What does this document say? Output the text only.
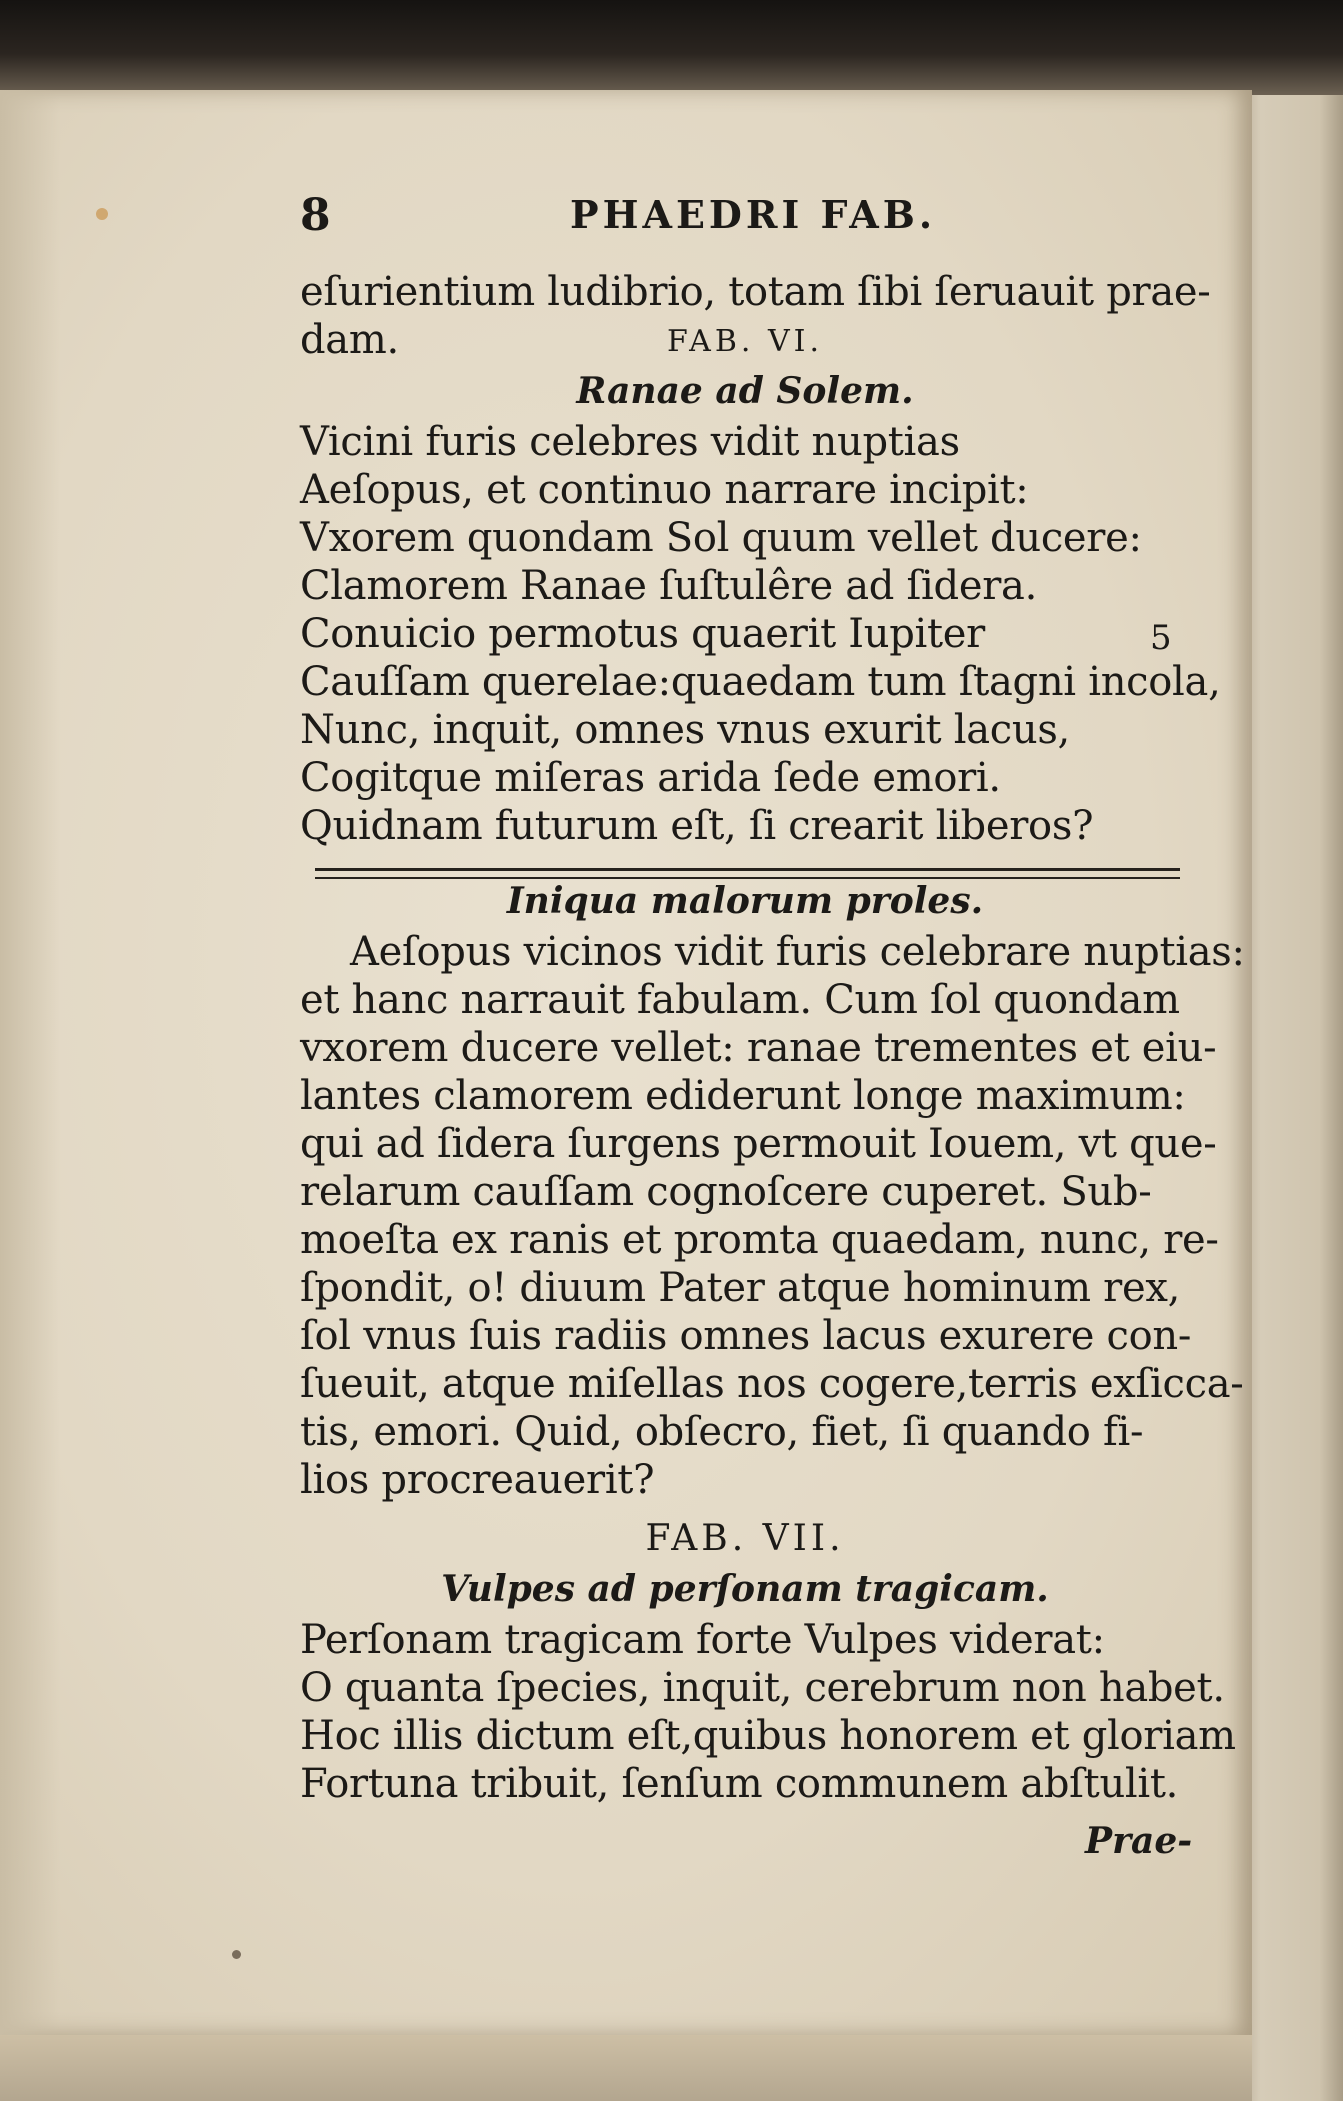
8	PHAEDRI FAB.
eſurientium ludibrio, totam ſibi ſeruauit prae-
dam.	FAB. VI.
Ranae ad Solem.
Vicini furis celebres vidit nuptias
Aeſopus, et continuo narrare incipit:
Vxorem quondam Sol quum vellet ducere:
Clamorem Ranae ſuſtulêre ad ſidera.
Conuicio permotus quaerit Iupiter	5
Cauſſam querelae:quaedam tum ſtagni incola,
Nunc, inquit, omnes vnus exurit lacus,
Cogitque miſeras arida ſede emori.
Quidnam futurum eſt, ſi crearit liberos?
Iniqua malorum proles.
Aeſopus vicinos vidit furis celebrare nuptias:
et hanc narrauit fabulam. Cum ſol quondam
vxorem ducere vellet: ranae trementes et eiu-
lantes clamorem ediderunt longe maximum:
qui ad ſidera ſurgens permouit Iouem, vt que-
relarum cauſſam cognoſcere cuperet. Sub-
moeſta ex ranis et promta quaedam, nunc, re-
ſpondit, o! diuum Pater atque hominum rex,
ſol vnus ſuis radiis omnes lacus exurere con-
ſueuit, atque miſellas nos cogere,terris exſicca-
tis, emori. Quid, obſecro, fiet, ſi quando fi-
lios procreauerit?
FAB. VII.
Vulpes ad perſonam tragicam.
Perſonam tragicam forte Vulpes viderat:
O quanta ſpecies, inquit, cerebrum non habet.
Hoc illis dictum eſt,quibus honorem et gloriam
Fortuna tribuit, ſenſum communem abſtulit.
Prae-
